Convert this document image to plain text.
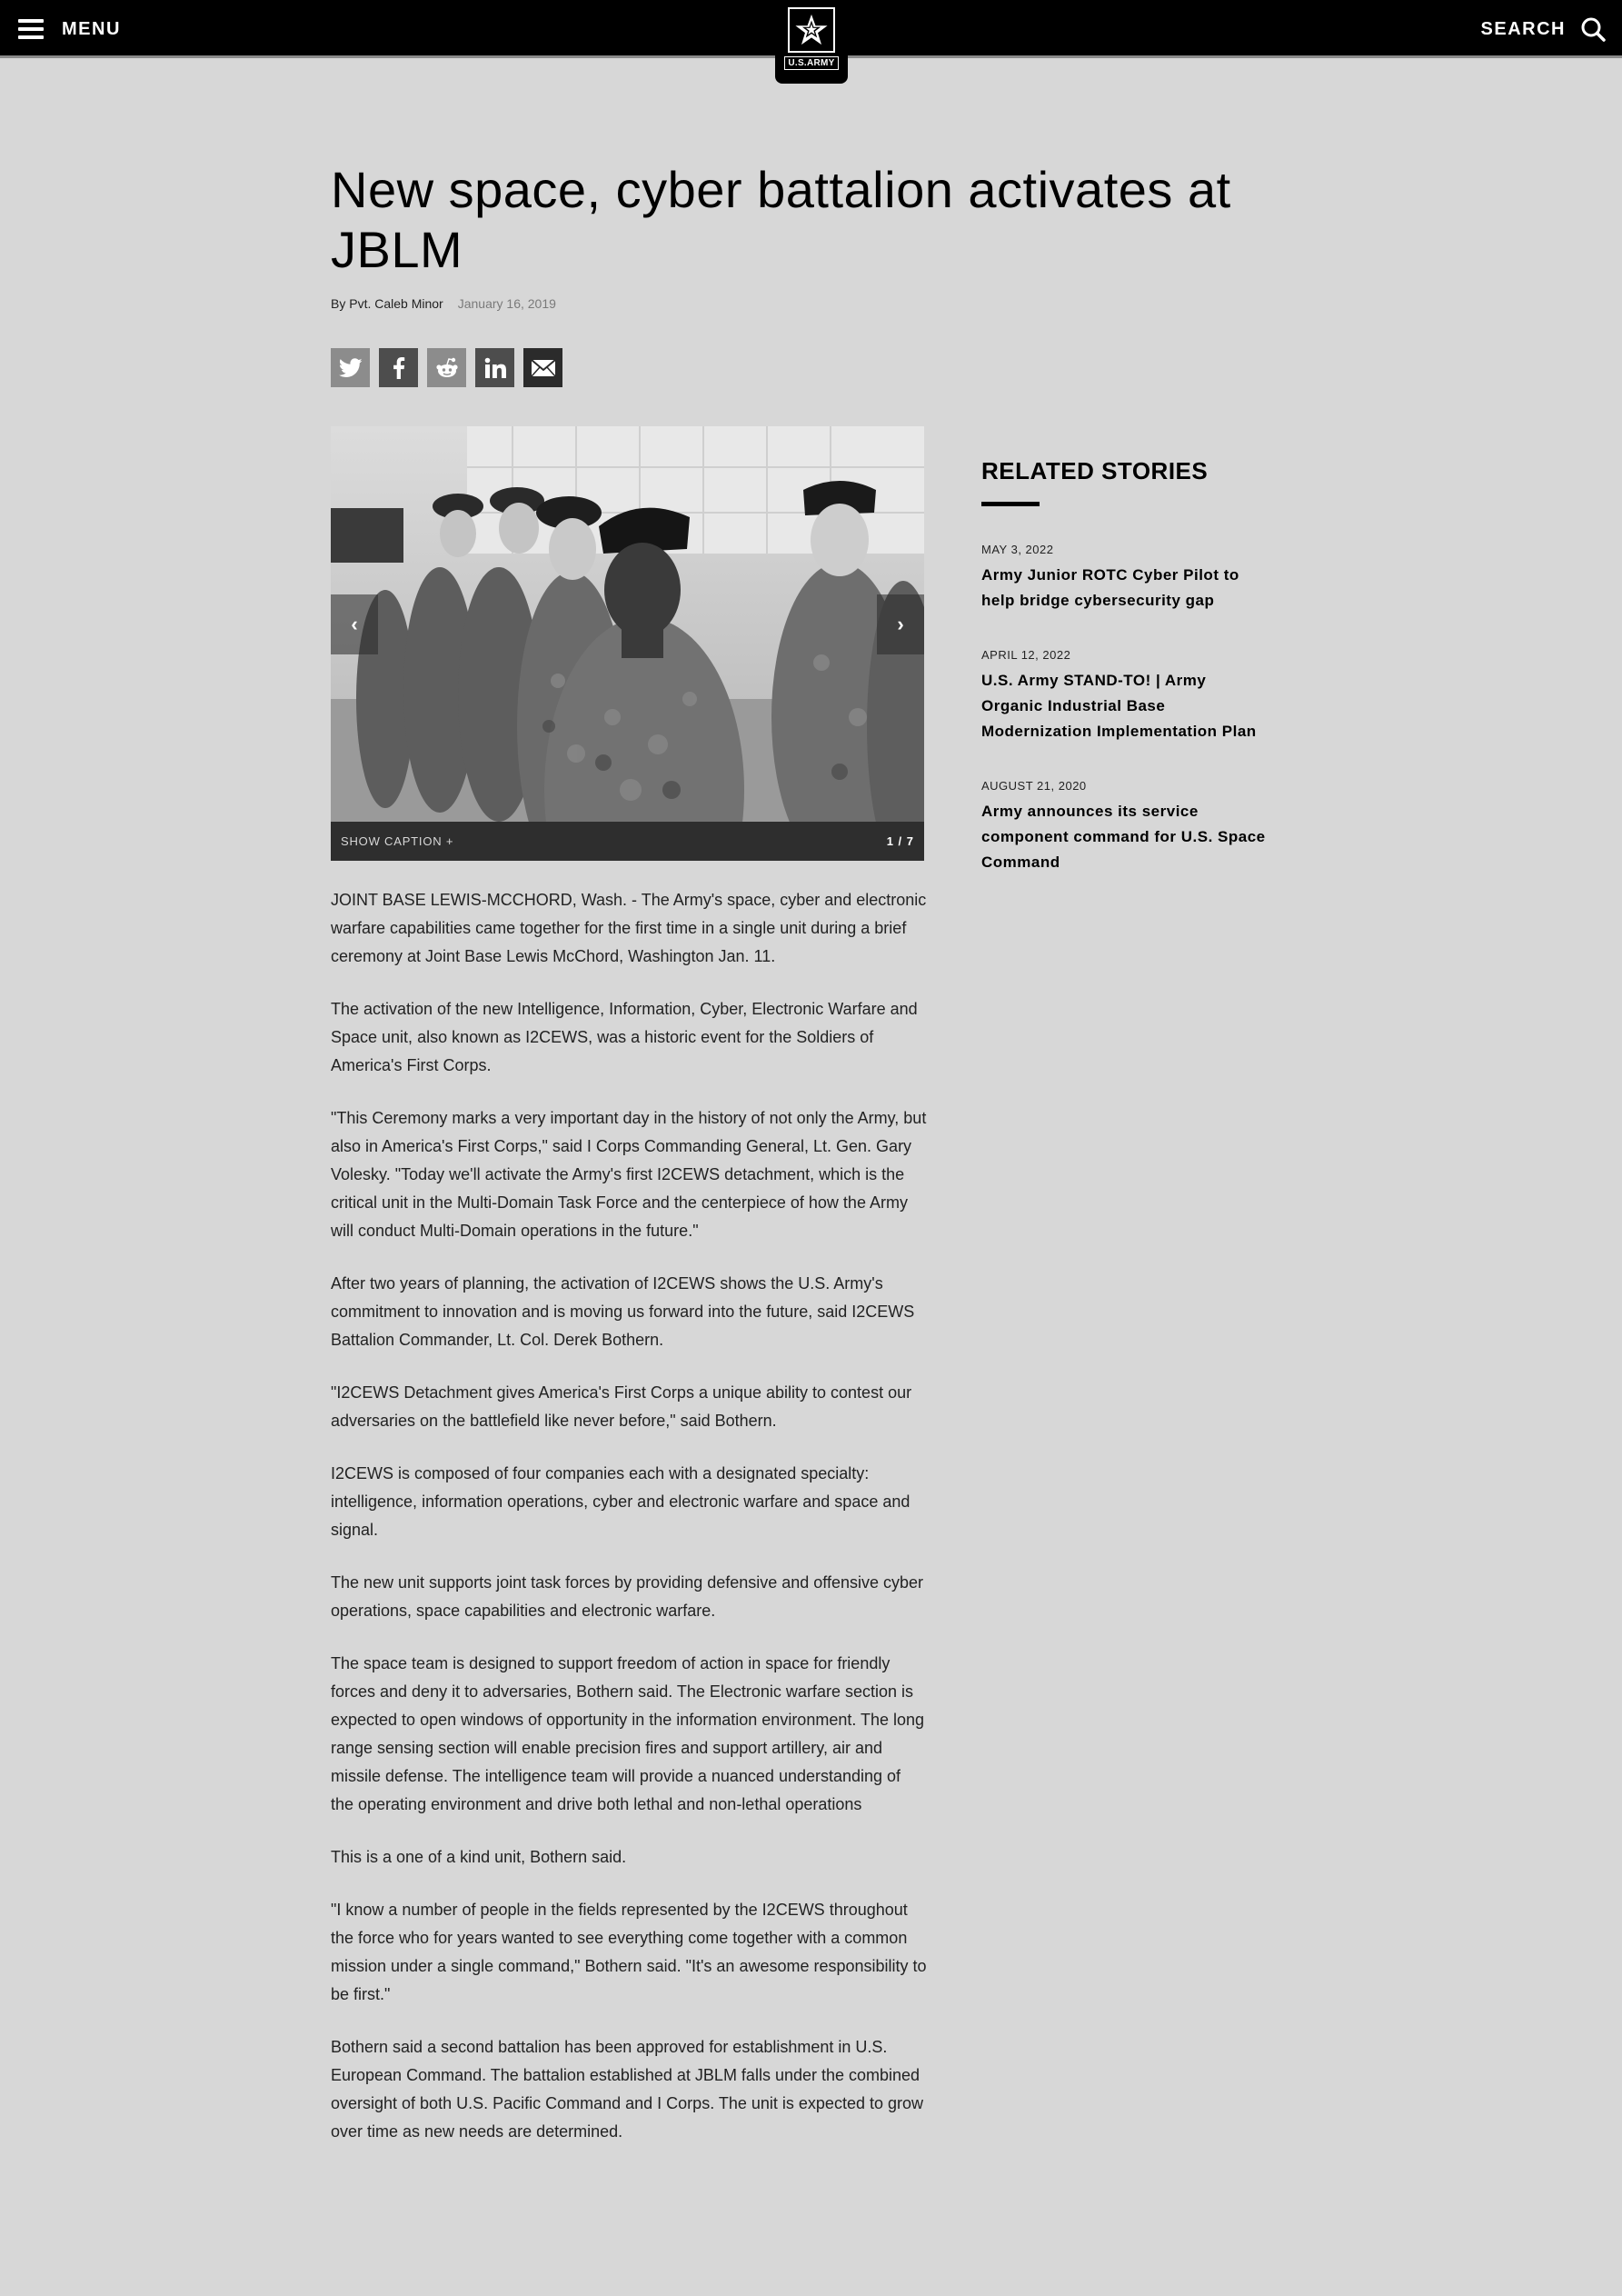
MENU	SEARCH
U.S.ARMY
New space, cyber battalion activates at JBLM
By Pvt. Caleb Minor January 16, 2019
‹	›
SHOW CAPTION +	1 / 7

JOINT BASE LEWIS-MCCHORD, Wash. - The Army's space, cyber and electronic warfare capabilities came together for the first time in a single unit during a brief ceremony at Joint Base Lewis McChord, Washington Jan. 11.

The activation of the new Intelligence, Information, Cyber, Electronic Warfare and Space unit, also known as I2CEWS, was a historic event for the Soldiers of America's First Corps.

"This Ceremony marks a very important day in the history of not only the Army, but also in America's First Corps," said I Corps Commanding General, Lt. Gen. Gary Volesky. "Today we'll activate the Army's first I2CEWS detachment, which is the critical unit in the Multi-Domain Task Force and the centerpiece of how the Army will conduct Multi-Domain operations in the future."

After two years of planning, the activation of I2CEWS shows the U.S. Army's commitment to innovation and is moving us forward into the future, said I2CEWS Battalion Commander, Lt. Col. Derek Bothern.

"I2CEWS Detachment gives America's First Corps a unique ability to contest our adversaries on the battlefield like never before," said Bothern.

I2CEWS is composed of four companies each with a designated specialty: intelligence, information operations, cyber and electronic warfare and space and signal.

The new unit supports joint task forces by providing defensive and offensive cyber operations, space capabilities and electronic warfare.

The space team is designed to support freedom of action in space for friendly forces and deny it to adversaries, Bothern said. The Electronic warfare section is expected to open windows of opportunity in the information environment. The long range sensing section will enable precision fires and support artillery, air and missile defense. The intelligence team will provide a nuanced understanding of the operating environment and drive both lethal and non-lethal operations

This is a one of a kind unit, Bothern said.

"I know a number of people in the fields represented by the I2CEWS throughout the force who for years wanted to see everything come together with a common mission under a single command," Bothern said. "It's an awesome responsibility to be first."

Bothern said a second battalion has been approved for establishment in U.S. European Command. The battalion established at JBLM falls under the combined oversight of both U.S. Pacific Command and I Corps. The unit is expected to grow over time as new needs are determined.

RELATED STORIES
MAY 3, 2022
Army Junior ROTC Cyber Pilot to help bridge cybersecurity gap
APRIL 12, 2022
U.S. Army STAND-TO! | Army Organic Industrial Base Modernization Implementation Plan
AUGUST 21, 2020
Army announces its service component command for U.S. Space Command
